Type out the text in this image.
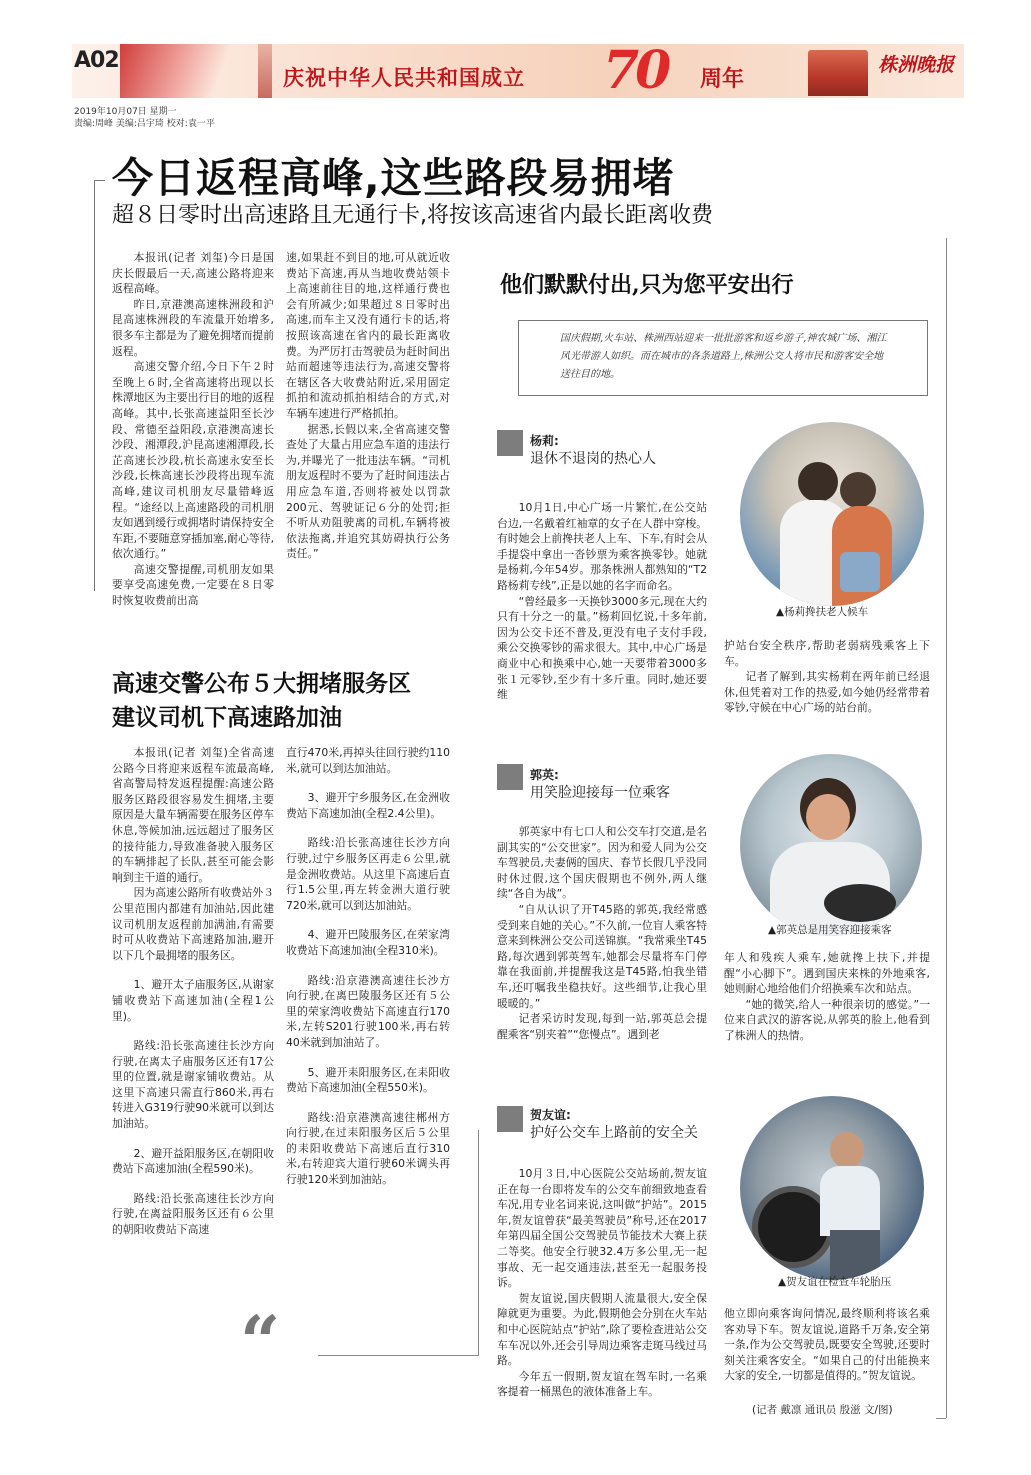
A02
庆祝中华人民共和国成立 70 周年
株洲晚报
2019年10月07日 星期一
责编:周峰 美编:吕宇琦 校对:袁一平
今日返程高峰,这些路段易拥堵
超８日零时出高速路且无通行卡,将按该高速省内最长距离收费

本报讯(记者 刘玺)今日是国庆长假最后一天,高速公路将迎来返程高峰。

昨日,京港澳高速株洲段和沪昆高速株洲段的车流量开始增多,很多车主都是为了避免拥堵而提前返程。

高速交警介绍,今日下午２时至晚上６时,全省高速将出现以长株潭地区为主要出行目的地的返程高峰。其中,长张高速益阳至长沙段、常德至益阳段,京港澳高速长沙段、湘潭段,沪昆高速湘潭段,长芷高速长沙段,杭长高速永安至长沙段,长株高速长沙段将出现车流高峰,建议司机朋友尽量错峰返程。“途经以上高速路段的司机朋友如遇到缓行或拥堵时请保持安全车距,不要随意穿插加塞,耐心等待,依次通行。”

高速交警提醒,司机朋友如果要享受高速免费,一定要在８日零时恢复收费前出高

速,如果赶不到目的地,可从就近收费站下高速,再从当地收费站领卡上高速前往目的地,这样通行费也会有所减少;如果超过８日零时出高速,而车主又没有通行卡的话,将按照该高速在省内的最长距离收费。为严厉打击驾驶员为赶时间出站而超速等违法行为,高速交警将在辖区各大收费站附近,采用固定抓拍和流动抓拍相结合的方式,对车辆车速进行严格抓拍。

据悉,长假以来,全省高速交警查处了大量占用应急车道的违法行为,并曝光了一批违法车辆。“司机朋友返程时不要为了赶时间违法占用应急车道,否则将被处以罚款200元、驾驶证记６分的处罚;拒不听从劝阻驶离的司机,车辆将被依法拖离,并追究其妨碍执行公务责任。”

高速交警公布５大拥堵服务区
建议司机下高速路加油

本报讯(记者 刘玺)全省高速公路今日将迎来返程车流最高峰,省高警局特发返程提醒:高速公路服务区路段很容易发生拥堵,主要原因是大量车辆需要在服务区停车休息,等候加油,远远超过了服务区的接待能力,导致准备驶入服务区的车辆排起了长队,甚至可能会影响到主干道的通行。

因为高速公路所有收费站外３公里范围内都建有加油站,因此建议司机朋友返程前加满油,有需要时可从收费站下高速路加油,避开以下几个最拥堵的服务区。

1、避开太子庙服务区,从谢家铺收费站下高速加油(全程1公里)。

路线:沿长张高速往长沙方向行驶,在离太子庙服务区还有17公里的位置,就是谢家铺收费站。从这里下高速只需直行860米,再右转进入G319行驶90米就可以到达加油站。

2、避开益阳服务区,在朝阳收费站下高速加油(全程590米)。

路线:沿长张高速往长沙方向行驶,在离益阳服务区还有６公里的朝阳收费站下高速

直行470米,再掉头往回行驶约110米,就可以到达加油站。

3、避开宁乡服务区,在金洲收费站下高速加油(全程2.4公里)。

路线:沿长张高速往长沙方向行驶,过宁乡服务区再走６公里,就是金洲收费站。从这里下高速后直行1.5公里,再左转金洲大道行驶720米,就可以到达加油站。

4、避开巴陵服务区,在荣家湾收费站下高速加油(全程310米)。

路线:沿京港澳高速往长沙方向行驶,在离巴陵服务区还有５公里的荣家湾收费站下高速直行170米,左转S201行驶100米,再右转40米就到加油站了。

5、避开耒阳服务区,在耒阳收费站下高速加油(全程550米)。

路线:沿京港澳高速往郴州方向行驶,在过耒阳服务区后５公里的耒阳收费站下高速后直行310米,右转迎宾大道行驶60米调头再行驶120米到加油站。

“
他们默默付出,只为您平安出行
国庆假期,火车站、株洲西站迎来一批批游客和返乡游子,神农城广场、湘江风光带游人如织。而在城市的各条道路上,株洲公交人将市民和游客安全地送往目的地。
杨莉:
退休不退岗的热心人

10月1日,中心广场一片繁忙,在公交站台边,一名戴着红袖章的女子在人群中穿梭。有时她会上前搀扶老人上车、下车,有时会从手提袋中拿出一沓钞票为乘客换零钞。她就是杨莉,今年54岁。那条株洲人都熟知的“T2路杨莉专线”,正是以她的名字而命名。

“曾经最多一天换钞3000多元,现在大约只有十分之一的量。”杨莉回忆说,十多年前,因为公交卡还不普及,更没有电子支付手段,乘公交换零钞的需求很大。其中,中心广场是商业中心和换乘中心,她一天要带着3000多张１元零钞,至少有十多斤重。同时,她还要维

▲杨莉搀扶老人候车

护站台安全秩序,帮助老弱病残乘客上下车。

记者了解到,其实杨莉在两年前已经退休,但凭着对工作的热爱,如今她仍经常带着零钞,守候在中心广场的站台前。

郭英:
用笑脸迎接每一位乘客

郭英家中有七口人和公交车打交道,是名副其实的“公交世家”。因为和爱人同为公交车驾驶员,夫妻俩的国庆、春节长假几乎没同时休过假,这个国庆假期也不例外,两人继续“各自为战”。

“自从认识了开T45路的郭英,我经常感受到来自她的关心。”不久前,一位盲人乘客特意来到株洲公交公司送锦旗。“我常乘坐T45路,每次遇到郭英驾车,她都会尽量将车门停靠在我面前,并提醒我这是T45路,怕我坐错车,还叮嘱我坐稳扶好。这些细节,让我心里暖暖的。”

记者采访时发现,每到一站,郭英总会提醒乘客“别夹着”“您慢点”。遇到老

▲郭英总是用笑容迎接乘客

年人和残疾人乘车,她就搀上扶下,并提醒“小心脚下”。遇到国庆来株的外地乘客,她则耐心地给他们介绍换乘车次和站点。

“她的微笑,给人一种很亲切的感觉。”一位来自武汉的游客说,从郭英的脸上,他看到了株洲人的热情。

贺友谊:
护好公交车上路前的安全关

10月３日,中心医院公交站场前,贺友谊正在每一台即将发车的公交车前细致地查看车况,用专业名词来说,这叫做“护站”。2015年,贺友谊曾获“最美驾驶员”称号,还在2017年第四届全国公交驾驶员节能技术大赛上获二等奖。他安全行驶32.4万多公里,无一起事故、无一起交通违法,甚至无一起服务投诉。

贺友谊说,国庆假期人流量很大,安全保障就更为重要。为此,假期他会分别在火车站和中心医院站点“护站”,除了要检查进站公交车车况以外,还会引导周边乘客走斑马线过马路。

今年五一假期,贺友谊在驾车时,一名乘客提着一桶黑色的液体准备上车。

▲贺友谊在检查车轮胎压

他立即向乘客询问情况,最终顺利将该名乘客劝导下车。贺友谊说,道路千万条,安全第一条,作为公交驾驶员,既要安全驾驶,还要时刻关注乘客安全。“如果自己的付出能换来大家的安全,一切都是值得的。”贺友谊说。

(记者 戴凛 通讯员 殷滋 文/图)
